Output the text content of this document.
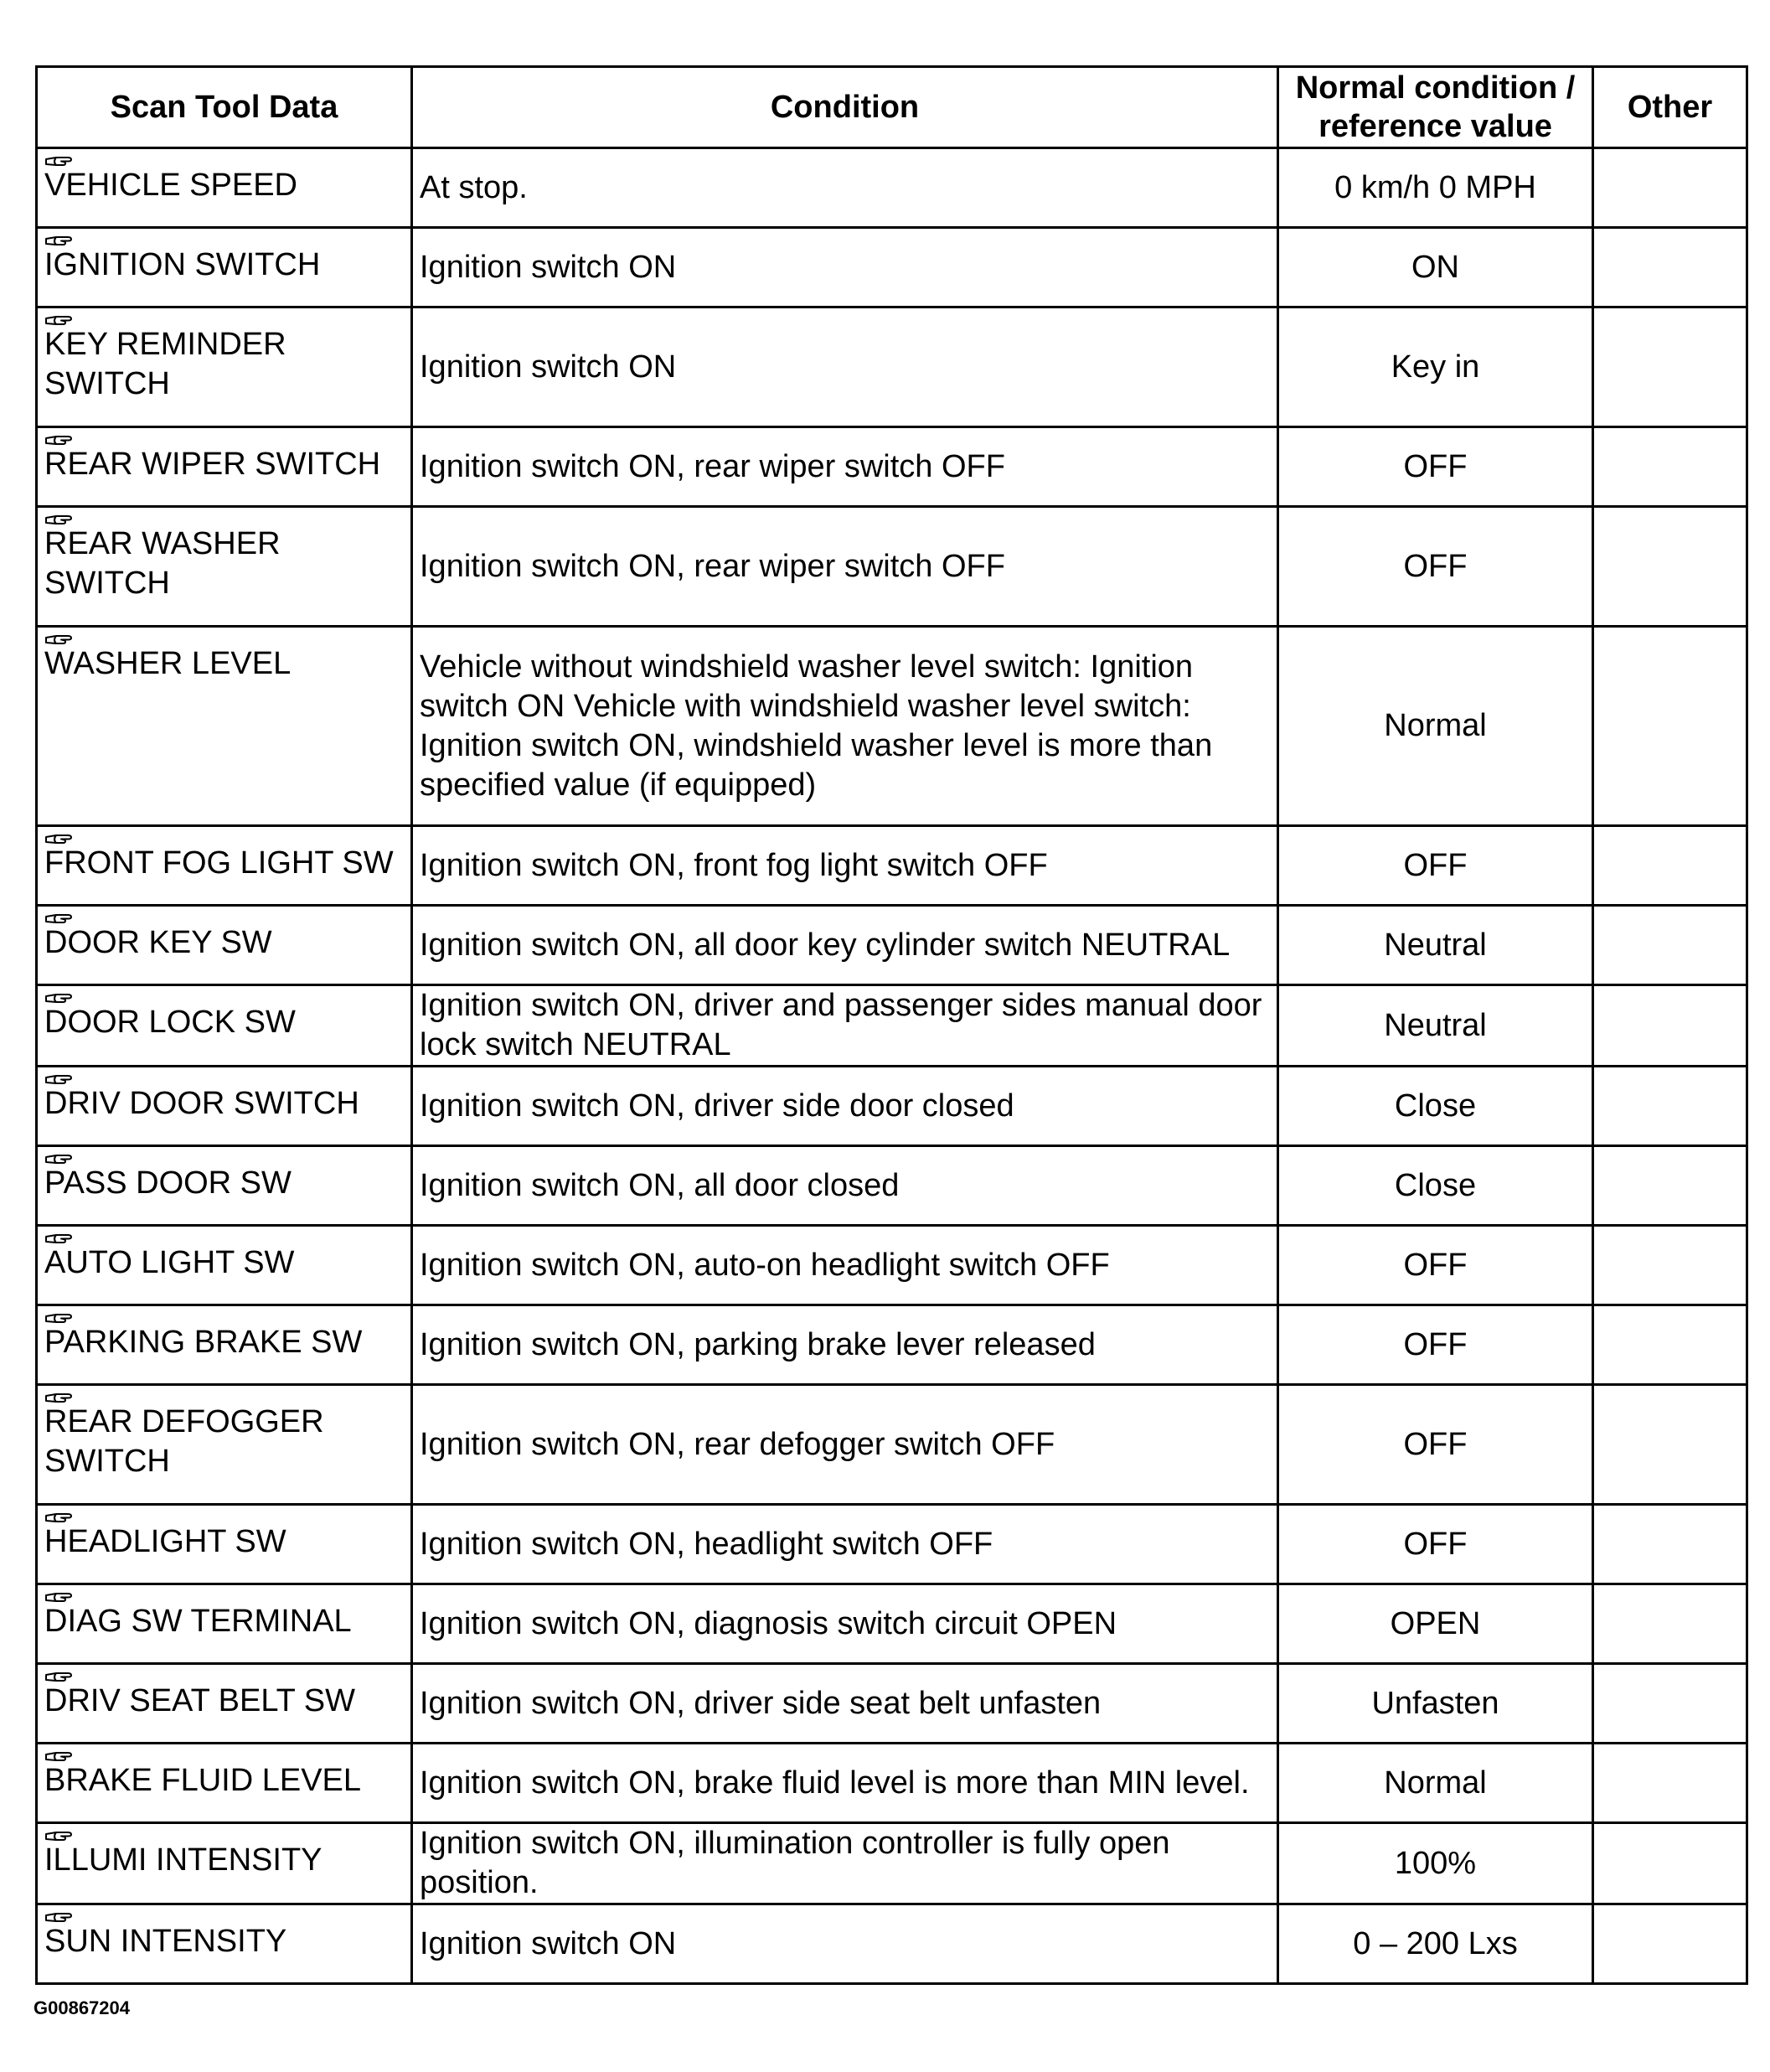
Scan Tool Data	Condition	Normal condition / reference value	Other

VEHICLE SPEED	At stop.	0 km/h 0 MPH	

IGNITION SWITCH	Ignition switch ON	ON	

KEY REMINDER SWITCH	Ignition switch ON	Key in	

REAR WIPER SWITCH	Ignition switch ON, rear wiper switch OFF	OFF	

REAR WASHER SWITCH	Ignition switch ON, rear wiper switch OFF	OFF	

WASHER LEVEL	Vehicle without windshield washer level switch: Ignition switch ON Vehicle with windshield washer level switch: Ignition switch ON, windshield washer level is more than specified value (if equipped)	Normal	

FRONT FOG LIGHT SW	Ignition switch ON, front fog light switch OFF	OFF	

DOOR KEY SW	Ignition switch ON, all door key cylinder switch NEUTRAL	Neutral	

DOOR LOCK SW	Ignition switch ON, driver and passenger sides manual door lock switch NEUTRAL	Neutral	

DRIV DOOR SWITCH	Ignition switch ON, driver side door closed	Close	

PASS DOOR SW	Ignition switch ON, all door closed	Close	

AUTO LIGHT SW	Ignition switch ON, auto-on headlight switch OFF	OFF	

PARKING BRAKE SW	Ignition switch ON, parking brake lever released	OFF	

REAR DEFOGGER SWITCH	Ignition switch ON, rear defogger switch OFF	OFF	

HEADLIGHT SW	Ignition switch ON, headlight switch OFF	OFF	

DIAG SW TERMINAL	Ignition switch ON, diagnosis switch circuit OPEN	OPEN	

DRIV SEAT BELT SW	Ignition switch ON, driver side seat belt unfasten	Unfasten	

BRAKE FLUID LEVEL	Ignition switch ON, brake fluid level is more than MIN level.	Normal	

ILLUMI INTENSITY	Ignition switch ON, illumination controller is fully open position.	100%	

SUN INTENSITY	Ignition switch ON	0 – 200 Lxs	
G00867204
